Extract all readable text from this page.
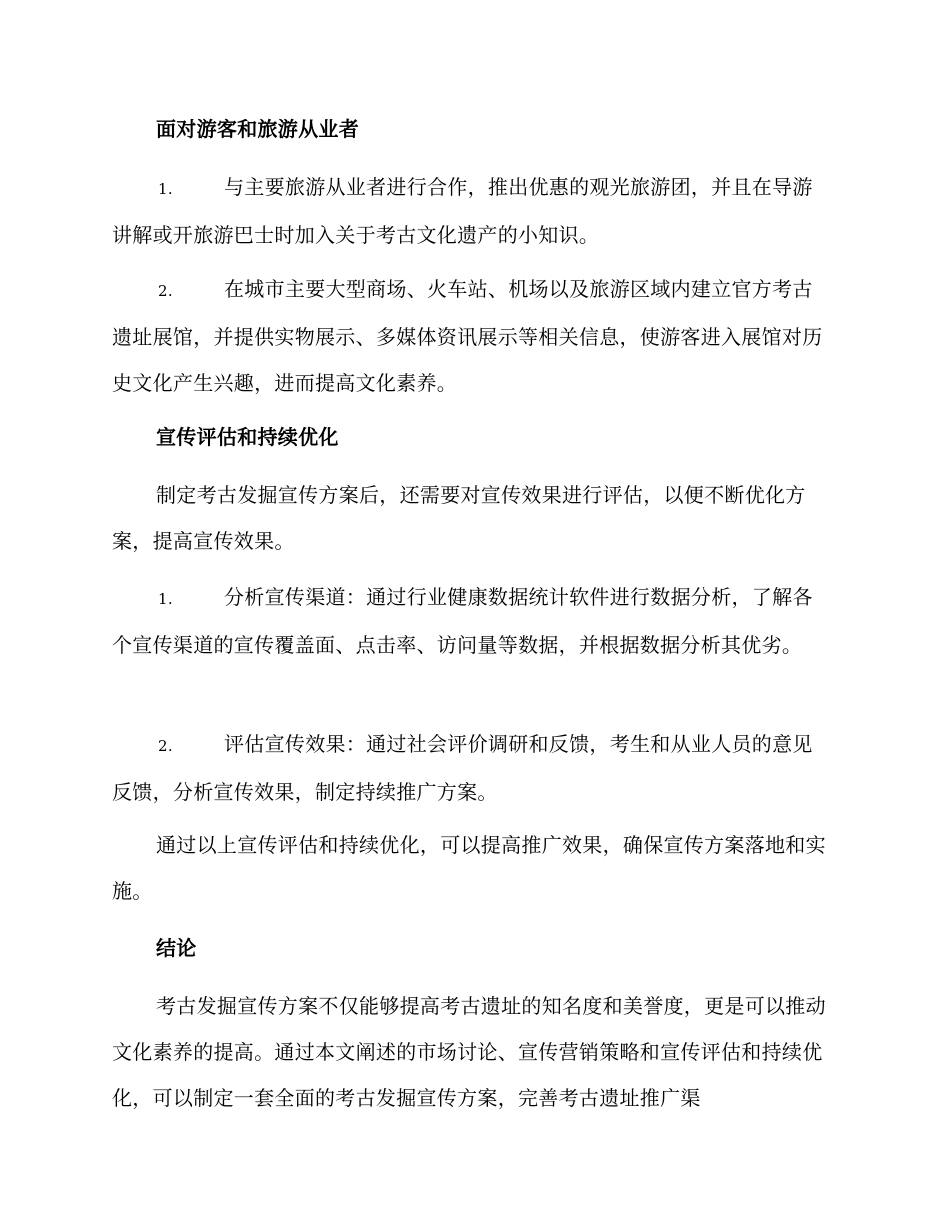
面对游客和旅游从业者

1.	与主要旅游从业者进行合作，推出优惠的观光旅游团，并且在导游讲解或开旅游巴士时加入关于考古文化遗产的小知识。

2.	在城市主要大型商场、火车站、机场以及旅游区域内建立官方考古遗址展馆，并提供实物展示、多媒体资讯展示等相关信息，使游客进入展馆对历史文化产生兴趣，进而提高文化素养。

宣传评估和持续优化

制定考古发掘宣传方案后，还需要对宣传效果进行评估，以便不断优化方案，提高宣传效果。

1.	分析宣传渠道：通过行业健康数据统计软件进行数据分析，了解各个宣传渠道的宣传覆盖面、点击率、访问量等数据，并根据数据分析其优劣。

2.	评估宣传效果：通过社会评价调研和反馈，考生和从业人员的意见反馈，分析宣传效果，制定持续推广方案。

通过以上宣传评估和持续优化，可以提高推广效果，确保宣传方案落地和实施。

结论

考古发掘宣传方案不仅能够提高考古遗址的知名度和美誉度，更是可以推动文化素养的提高。通过本文阐述的市场讨论、宣传营销策略和宣传评估和持续优化，可以制定一套全面的考古发掘宣传方案，完善考古遗址推广渠
